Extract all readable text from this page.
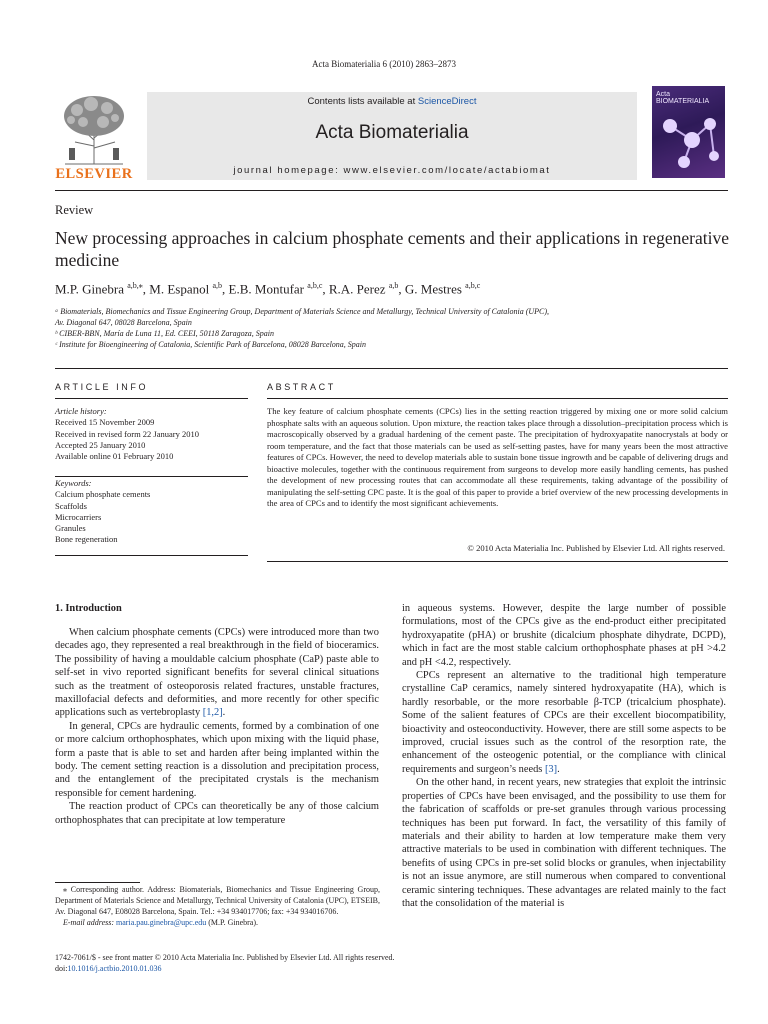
Acta Biomaterialia 6 (2010) 2863–2873
ELSEVIER
Contents lists available at ScienceDirect
Acta Biomaterialia
journal homepage: www.elsevier.com/locate/actabiomat
Acta BIOMATERIALIA
Review
New processing approaches in calcium phosphate cements and their applications in regenerative medicine
M.P. Ginebra $^{a,b,⁎}$, M. Espanol $^{a,b}$, E.B. Montufar $^{a,b,c}$, R.A. Perez $^{a,b}$, G. Mestres $^{a,b,c}$
ᵃ Biomaterials, Biomechanics and Tissue Engineering Group, Department of Materials Science and Metallurgy, Technical University of Catalonia (UPC),
Av. Diagonal 647, 08028 Barcelona, Spain
ᵇ CIBER-BBN, María de Luna 11, Ed. CEEI, 50118 Zaragoza, Spain
ᶜ Institute for Bioengineering of Catalonia, Scientific Park of Barcelona, 08028 Barcelona, Spain
ARTICLE INFO
Article history:
Received 15 November 2009
Received in revised form 22 January 2010
Accepted 25 January 2010
Available online 01 February 2010
Keywords:
Calcium phosphate cements
Scaffolds
Microcarriers
Granules
Bone regeneration
ABSTRACT
The key feature of calcium phosphate cements (CPCs) lies in the setting reaction triggered by mixing one or more solid calcium phosphate salts with an aqueous solution. Upon mixture, the reaction takes place through a dissolution–precipitation process which is macroscopically observed by a gradual hardening of the cement paste. The precipitation of hydroxyapatite nanocrystals at body or room temperature, and the fact that those materials can be used as self-setting pastes, have for many years been the most attractive features of CPCs. However, the need to develop materials able to sustain bone tissue ingrowth and be capable of delivering drugs and bioactive molecules, together with the continuous requirement from surgeons to develop more easily handling cements, has pushed the development of new processing routes that can accommodate all these requirements, taking advantage of the possibility of manipulating the self-setting CPC paste. It is the goal of this paper to provide a brief overview of the new processing developments in the area of CPCs and to identify the most significant achievements.
© 2010 Acta Materialia Inc. Published by Elsevier Ltd. All rights reserved.
1. Introduction

When calcium phosphate cements (CPCs) were introduced more than two decades ago, they represented a real breakthrough in the field of bioceramics. The possibility of having a mouldable calcium phosphate (CaP) paste able to self-set in vivo reported significant benefits for several clinical situations such as the treatment of osteoporosis related fractures, unstable fractures, maxillofacial defects and deformities, and more recently for other specific applications such as vertebroplasty [1,2].

In general, CPCs are hydraulic cements, formed by a combination of one or more calcium orthophosphates, which upon mixing with the liquid phase, form a paste that is able to set and harden after being implanted within the body. The cement setting reaction is a dissolution and precipitation process, and the entanglement of the precipitated crystals is the mechanism responsible for cement hardening.

The reaction product of CPCs can theoretically be any of those calcium orthophosphates that can precipitate at low temperature

in aqueous systems. However, despite the large number of possible formulations, most of the CPCs give as the end-product either precipitated hydroxyapatite (pHA) or brushite (dicalcium phosphate dihydrate, DCPD), which in fact are the most stable calcium orthophosphate phases at pH >4.2 and pH <4.2, respectively.

CPCs represent an alternative to the traditional high temperature crystalline CaP ceramics, namely sintered hydroxyapatite (HA), which is hardly resorbable, or the more resorbable β-TCP (tricalcium phosphate). Some of the salient features of CPCs are their excellent biocompatibility, bioactivity and osteoconductivity. However, there are still some aspects to be improved, crucial issues such as the control of the resorption rate, the enhancement of the osteogenic potential, or the compliance with clinical requirements and surgeon’s needs [3].

On the other hand, in recent years, new strategies that exploit the intrinsic properties of CPCs have been envisaged, and the possibility to use them for the fabrication of scaffolds or pre-set granules through various processing techniques has been put forward. In fact, the versatility of this family of materials and their ability to harden at low temperature make them very attractive materials to be used in combination with different techniques. The benefits of using CPCs in pre-set solid blocks or granules, when injectability is not an issue anymore, are still numerous when compared to conventional ceramic sintering techniques. These advantages are related mainly to the fact that the consolidation of the material is

⁎ Corresponding author. Address: Biomaterials, Biomechanics and Tissue Engineering Group, Department of Materials Science and Metallurgy, Technical University of Catalonia (UPC), ETSEIB, Av. Diagonal 647, E08028 Barcelona, Spain. Tel.: +34 934017706; fax: +34 934016706.

E-mail address: maria.pau.ginebra@upc.edu (M.P. Ginebra).

1742-7061/$ - see front matter © 2010 Acta Materialia Inc. Published by Elsevier Ltd. All rights reserved.
doi:10.1016/j.actbio.2010.01.036
